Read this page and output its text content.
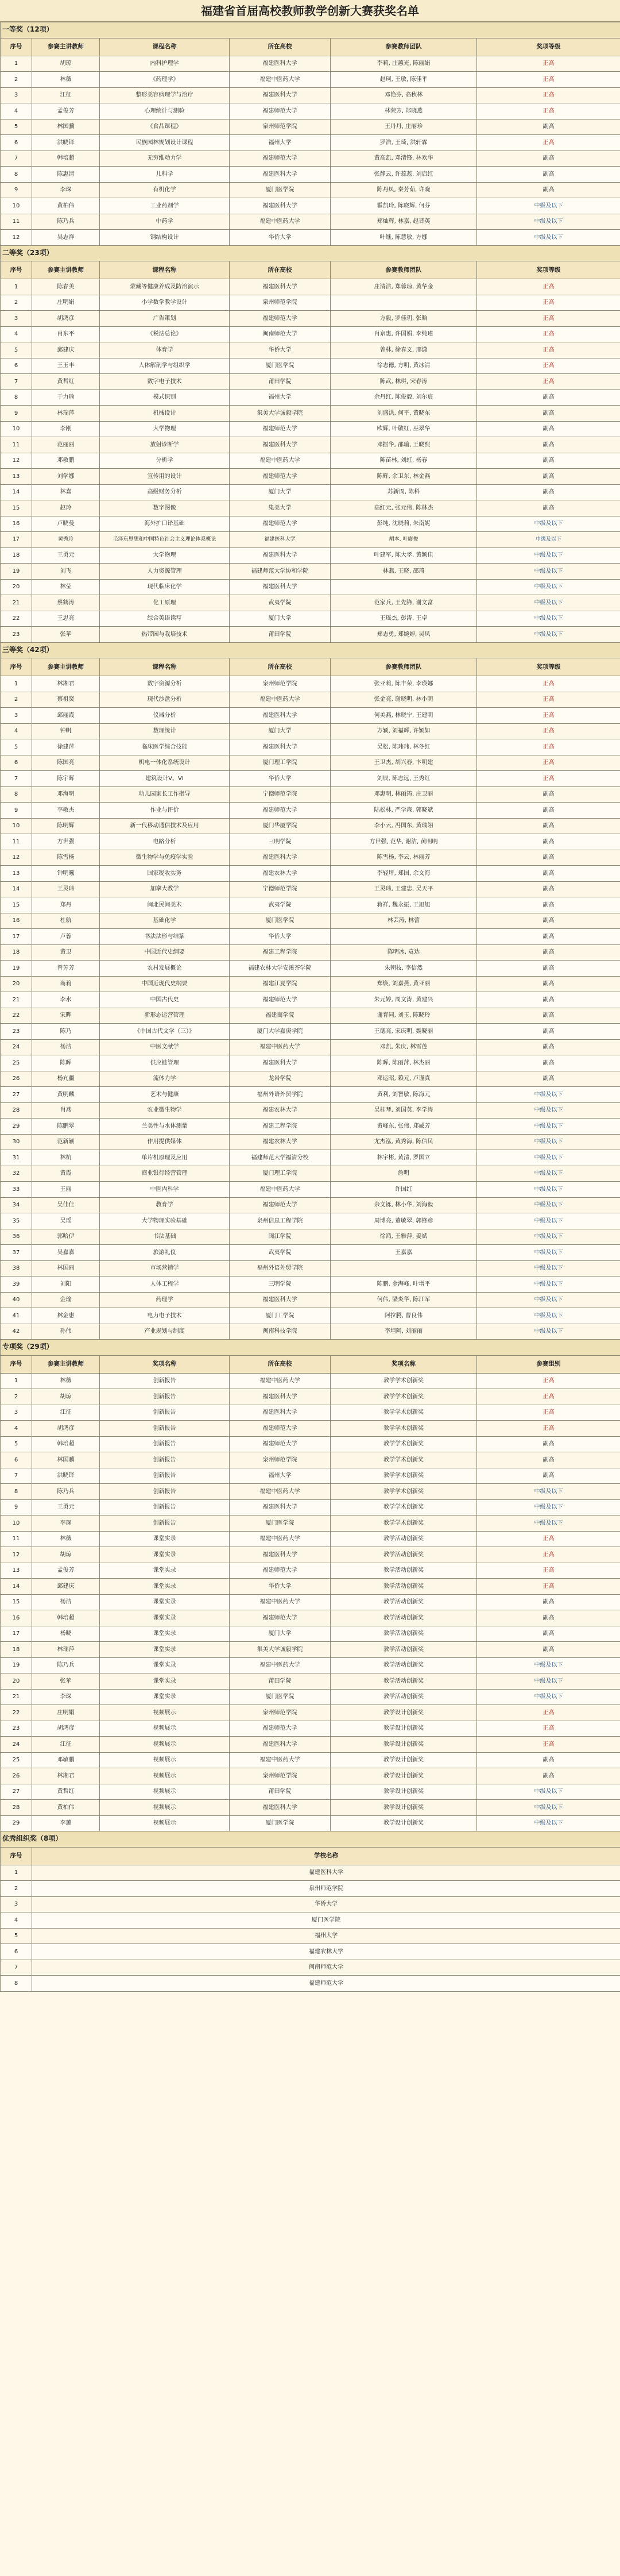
福建省首届高校教师教学创新大赛获奖名单
一等奖（12项）					
序号	参赛主讲教师	课程名称	所在高校	参赛教师团队	奖项等级
1	胡琼	内科护理学	福建医科大学	李莉, 庄蕙光, 陈丽娟	正高
2	林薇	《药理学》	福建中医药大学	赵珂, 王敏, 陈佳平	正高
3	江征	整形美容病理学与治疗	福建医科大学	邓艳芬, 高秋林	正高
4	孟俊芳	心理统计与测验	福建师范大学	林荣芳, 郑晓燕	正高
5	林国骥	《食品课程》	泉州师范学院	王丹丹, 庄丽珍	副高
6	洪晓铎	民族园林规划设计课程	福州大学	罗浩, 王琦, 洪轩霖	正高
7	韩培超	无穷维动力学	福建师范大学	黄高凯, 邓清锋, 林欢华	副高
8	陈惠清	儿科学	福建医科大学	张静云, 许蕊蕊, 刘启红	副高
9	李琛	有机化学	厦门医学院	陈丹凤, 秦芳茹, 许晓	副高
10	黄柏伟	工业药剂学	福建医科大学	霍凯玲, 陈晓辉, 何芬	中级及以下
11	陈乃兵	中药学	福建中医药大学	郑灿辉, 林嘉, 赵晋英	中级及以下
12	吴志祥	钢结构设计	华侨大学	叶继, 陈慧敏, 方娜	中级及以下
二等奖（23项）					
序号	参赛主讲教师	课程名称	所在高校	参赛教师团队	奖项等级
1	陈春美	蒙藏等健康养成及防治演示	福建医科大学	庄清洁, 郑蓉琼, 黄华金	正高
2	庄明娟	小学数学教学设计	泉州师范学院		正高
3	胡鸿彦	广告策划	福建师范大学	方毅, 罗佳玥, 张晗	正高
4	肖东平	《税法总论》	闽南师范大学	肖京惠, 许国娟, 李纯瑾	正高
5	邱建庆	体育学	华侨大学	曾林, 徐春文, 邢潇	正高
6	王玉丰	人体解剖学与组织学	厦门医学院	徐志德, 方明, 黄冰清	正高
7	黄哲红	数字电子技术	莆田学院	陈武, 林琪, 宋春涛	正高
8	于力瑜	模式识别	福州大学	余丹红, 陈俊毅, 刘尔宸	副高
9	林瑞萍	机械设计	集美大学诚毅学院	刘盛洪, 何平, 黄晓东	副高
10	李刚	大学物理	福建师范大学	欧辉, 叶敬红, 巫翠华	副高
11	范丽丽	放射诊断学	福建医科大学	邓振华, 邵瑜, 王晓熙	副高
12	邓敏鹏	分析学	福建中医药大学	陈苗林, 刘虹, 杨春	副高
13	刘学娜	宣传用的设计	福建师范大学	陈辉, 余卫东, 林金燕	副高
14	林嘉	高级财务分析	厦门大学	苏新周, 陈科	副高
15	赵玲	数字图像	集美大学	高红元, 张元伟, 陈林杰	副高
16	卢晓曼	海外扩口译基础	福建师范大学	彭纯, 沈晓莉, 朱南妮	中级及以下
17	黄秀玲	毛泽东思想和中国特色社会主义理论体系概论	福建医科大学	胡本, 叶赓俊	中级及以下
18	王勇元	大学物理	福建医科大学	叶建军, 陈大孝, 黄颖佳	中级及以下
19	刘飞	人力资源管理	福建师范大学协和学院	林燕, 王晓, 邵琦	中级及以下
20	林莹	现代临床化学	福建医科大学		中级及以下
21	蔡鹤涛	化工原理	武夷学院	范家兵, 王先锋, 谢文富	中级及以下
22	王思亮	综合英语读写	厦门大学	王瑶杰, 彭涛, 王卓	中级及以下
23	张苹	热带园与栽培技术	莆田学院	郑志勇, 郑婉婷, 吴凤	中级及以下
三等奖（42项）					
序号	参赛主讲教师	课程名称	所在高校	参赛教师团队	奖项等级
1	林湘君	数字资源分析	泉州师范学院	张亚莉, 陈丰荣, 李瑛娜	正高
2	蔡祖贤	现代沙盘分析	福建中医药大学	张金亮, 谢晓明, 林小明	正高
3	邱丽霞	仪器分析	福建医科大学	何美燕, 林晓宁, 王建明	正高
4	钟帆	数理统计	厦门大学	方颖, 刘福辉, 许颖如	正高
5	徐建萍	临床医学综合技能	福建医科大学	吴松, 陈玮玮, 林冬红	正高
6	陈国亮	机电一体化系统设计	厦门理工学院	王卫杰, 胡兴春, 卞明建	正高
7	陈宇晖	建筑设计V、VI	华侨大学	刘辰, 陈志远, 王秀红	正高
8	邓海明	幼儿园家长工作指导	宁德师范学院	邓惠明, 林丽筠, 庄卫丽	副高
9	李敏杰	作业与评价	福建师范大学	陆松林, 严学森, 郭晓斌	副高
10	陈明辉	新一代移动通信技术及应用	厦门华厦学院	李小云, 冯国东, 黄瑞翎	副高
11	方世强	电路分析	三明学院	方世强, 范华, 谢洁, 黄明明	副高
12	陈雪杨	微生物学与免疫学实验	福建医科大学	陈雪杨, 李云, 林丽芳	副高
13	钟明曦	国家税收实务	福建农林大学	李轻坪, 郑国, 余文海	副高
14	王灵玮	加拿大教学	宁德师范学院	王灵玮, 王建忠, 吴天平	副高
15	郑丹	闽北民间美术	武夷学院	蒋祥, 魏永振, 王旭旭	副高
16	杜航	基础化学	厦门医学院	林芸涛, 林蕾	副高
17	卢蓉	书法法形与结篆	华侨大学		副高
18	黄卫	中国近代史纲要	福建工程学院	陈明冰, 袁达	副高
19	曾芳芳	农村发展概论	福建农林大学安溪茶学院	朱朝枝, 李信然	副高
20	商莉	中国近现代史纲要	福建江夏学院	郑焕, 刘嘉燕, 黄亚丽	副高
21	李水	中国古代史	福建师范大学	朱元婷, 周文涛, 黄建兴	副高
22	宋晔	新形态运营管理	福建商学院	谢育同, 刘玉, 陈晓玲	副高
23	陈乃	《中国古代文学（三）》	厦门大学嘉庚学院	王德亮, 宋庆明, 魏晓丽	副高
24	杨洁	中医文献学	福建中医药大学	邓凯, 朱庆, 林雪莲	副高
25	陈晖	供应链管理	福建医科大学	陈晖, 陈丽萍, 林杰丽	副高
26	杨亢疆	流体力学	龙岩学院	邓运昭, 赖元, 卢谨真	副高
27	黄明麟	艺术与健康	福州外语外贸学院	黄利, 刘智敏, 陈海元	中级及以下
28	肖燕	农业微生物学	福建农林大学	吴桂琴, 刘国英, 李学涛	中级及以下
29	陈鹏翠	兰美性与水体测量	福建工程学院	黄峰东, 张伟, 郑威芳	中级及以下
30	范新颖	作用提供媒体	福建农林大学	尤杰泓, 黄秀海, 陈信民	中级及以下
31	林杭	单片机原理及应用	福建师范大学福清分校	林宇彬, 黄清, 罗国立	中级及以下
32	黄霞	商业银行经营管理	厦门理工学院	詹明	中级及以下
33	王丽	中医内科学	福建中医药大学	许国红	中级及以下
34	吴佳佳	教育学	福建师范大学	余文铄, 林小华, 刘海毅	中级及以下
35	吴瑶	大学物理实验基础	泉州信息工程学院	周博亮, 董敏翠, 郭锋彦	中级及以下
36	郭哈伊	书法基础	闽江学院	徐鸿, 王雅萍, 姜斌	中级及以下
37	吴嘉嘉	旅游礼仪	武夷学院	王嘉嘉	中级及以下
38	林国丽	市场营销学	福州外语外贸学院		中级及以下
39	刘阳	人体工程学	三明学院	陈鹏, 金海峰, 叶增平	中级及以下
40	金瑜	药理学	福建医科大学	何伟, 梁炎华, 陈江军	中级及以下
41	林金惠	电力电子技术	厦门工学院	阿拉腾, 曹良伟	中级及以下
42	孙伟	产业规划与制度	闽南科技学院	李坦阿, 刘丽丽	中级及以下
专项奖（29项）					
序号	参赛主讲教师	奖项名称	所在高校	奖项名称	参赛组别
1	林薇	创新报告	福建中医药大学	教学学术创新奖	正高
2	胡琼	创新报告	福建医科大学	教学学术创新奖	正高
3	江征	创新报告	福建医科大学	教学学术创新奖	正高
4	胡鸿彦	创新报告	福建师范大学	教学学术创新奖	正高
5	韩培超	创新报告	福建师范大学	教学学术创新奖	副高
6	林国骥	创新报告	泉州师范学院	教学学术创新奖	副高
7	洪晓铎	创新报告	福州大学	教学学术创新奖	副高
8	陈乃兵	创新报告	福建中医药大学	教学学术创新奖	中级及以下
9	王勇元	创新报告	福建医科大学	教学学术创新奖	中级及以下
10	李琛	创新报告	厦门医学院	教学学术创新奖	中级及以下
11	林薇	课堂实录	福建中医药大学	教学活动创新奖	正高
12	胡琼	课堂实录	福建医科大学	教学活动创新奖	正高
13	孟俊芳	课堂实录	福建师范大学	教学活动创新奖	正高
14	邱建庆	课堂实录	华侨大学	教学活动创新奖	正高
15	杨洁	课堂实录	福建中医药大学	教学活动创新奖	副高
16	韩培超	课堂实录	福建师范大学	教学活动创新奖	副高
17	杨晓	课堂实录	厦门大学	教学活动创新奖	副高
18	林瑞萍	课堂实录	集美大学诚毅学院	教学活动创新奖	副高
19	陈乃兵	课堂实录	福建中医药大学	教学活动创新奖	中级及以下
20	张苹	课堂实录	莆田学院	教学活动创新奖	中级及以下
21	李琛	课堂实录	厦门医学院	教学活动创新奖	中级及以下
22	庄明娟	视频展示	泉州师范学院	教学设计创新奖	正高
23	胡鸿彦	视频展示	福建师范大学	教学设计创新奖	正高
24	江征	视频展示	福建医科大学	教学设计创新奖	正高
25	邓敏鹏	视频展示	福建中医药大学	教学设计创新奖	副高
26	林湘君	视频展示	泉州师范学院	教学设计创新奖	副高
27	黄哲红	视频展示	莆田学院	教学设计创新奖	中级及以下
28	黄柏伟	视频展示	福建医科大学	教学设计创新奖	中级及以下
29	李璐	视频展示	厦门医学院	教学设计创新奖	中级及以下
优秀组织奖（8项）					
序号	学校名称				
1	福建医科大学				
2	泉州师范学院				
3	华侨大学				
4	厦门医学院				
5	福州大学				
6	福建农林大学				
7	闽南师范大学				
8	福建师范大学				
